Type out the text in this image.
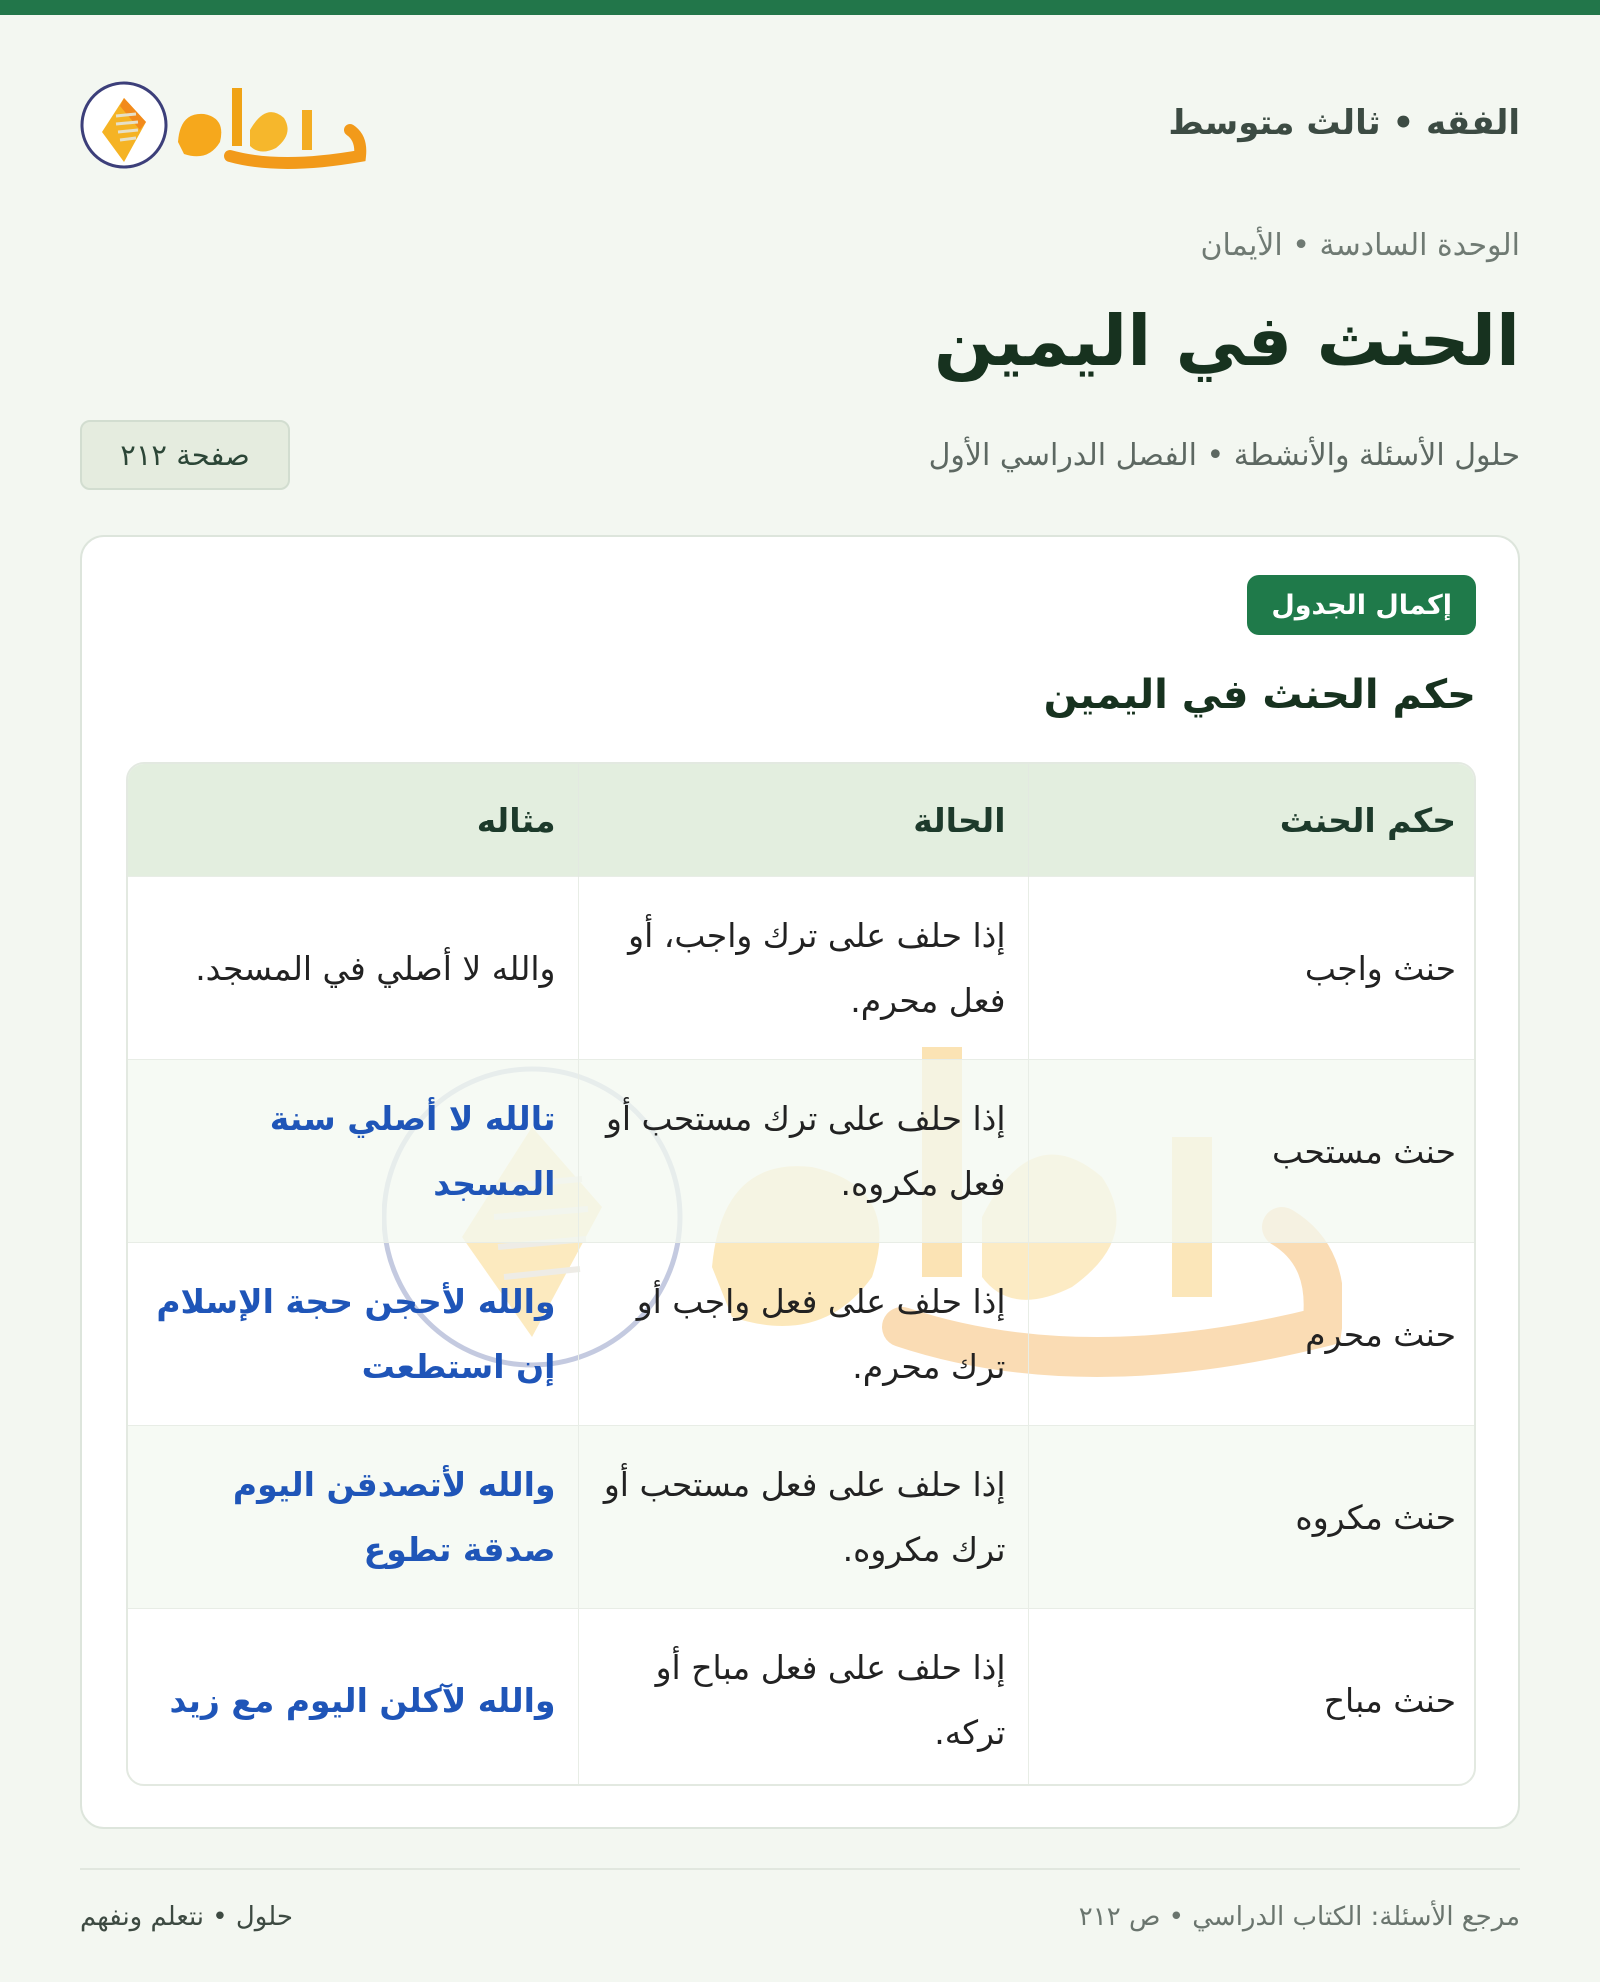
الفقه • ثالث متوسط
الوحدة السادسة • الأيمان
الحنث في اليمين
حلول الأسئلة والأنشطة • الفصل الدراسي الأول
صفحة ٢١٢
إكمال الجدول
حكم الحنث في اليمين
حكم الحنث	الحالة	مثاله
حنث واجب	إذا حلف على ترك واجب، أو فعل محرم.	والله لا أصلي في المسجد.
حنث مستحب	إذا حلف على ترك مستحب أو فعل مكروه.	تالله لا أصلي سنة المسجد
حنث محرم	إذا حلف على فعل واجب أو ترك محرم.	والله لأحجن حجة الإسلام إن استطعت
حنث مكروه	إذا حلف على فعل مستحب أو ترك مكروه.	والله لأتصدقن اليوم صدقة تطوع
حنث مباح	إذا حلف على فعل مباح أو تركه.	والله لآكلن اليوم مع زيد
مرجع الأسئلة: الكتاب الدراسي • ص ٢١٢
حلول • نتعلم ونفهم
